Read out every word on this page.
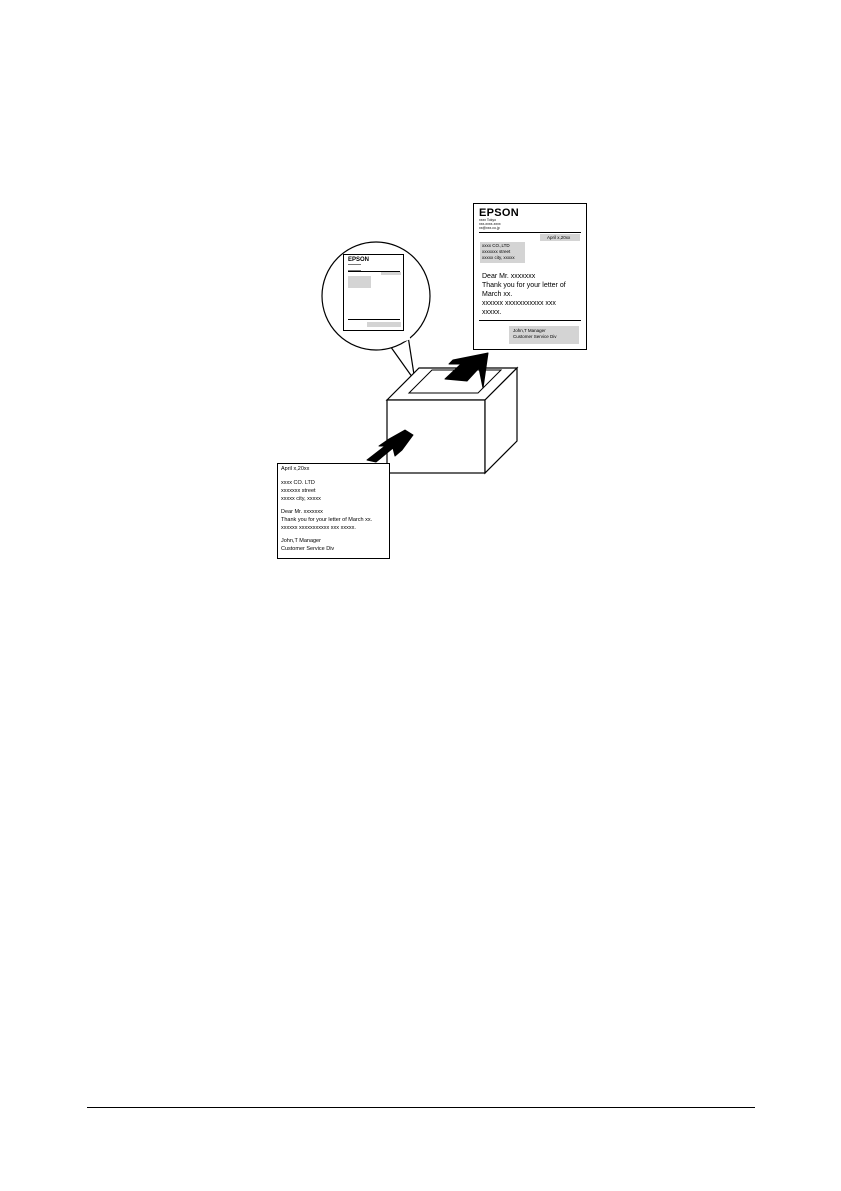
EPSON
EPSON
xxxx Tokyo
xxx-xxxx-xxxx
xx@xxx.co.jp
April x,20xx
xxxx CO.,LTD
xxxxxxx street
xxxxx city, xxxxx
Dear Mr. xxxxxxx
Thank you for your letter of
March xx.
xxxxxx xxxxxxxxxxx xxx
xxxxx.
John,T Manager
Customer Service Div
April x,20xx
xxxx CO. LTD
xxxxxxx street
xxxxx city, xxxxx
Dear Mr. xxxxxxx
Thank you for your letter of March xx.
xxxxxx xxxxxxxxxxx xxx xxxxx.
John,T Manager
Customer Service Div
